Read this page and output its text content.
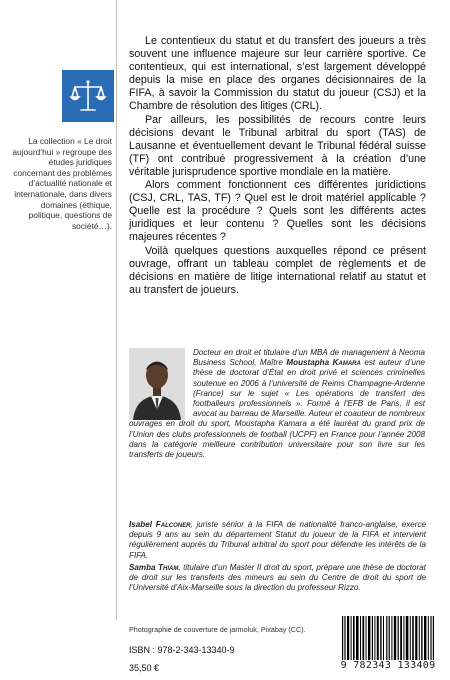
La collection « Le droit aujourd’hui » regroupe des études juridiques concernant des problèmes d’actualité nationale et internationale, dans divers domaines (éthique, politique, questions de société…).

Le contentieux du statut et du transfert des joueurs a très souvent une influence majeure sur leur carrière sportive. Ce contentieux, qui est international, s’est largement développé depuis la mise en place des organes décisionnaires de la FIFA, à savoir la Commission du statut du joueur (CSJ) et la Chambre de résolution des litiges (CRL).

Par ailleurs, les possibilités de recours contre leurs décisions devant le Tribunal arbitral du sport (TAS) de Lausanne et éventuellement devant le Tribunal fédéral suisse (TF) ont contribué progressivement à la création d’une véritable jurisprudence sportive mondiale en la matière.

Alors comment fonctionnent ces différentes juridictions (CSJ, CRL, TAS, TF) ? Quel est le droit matériel applicable ? Quelle est la procédure ? Quels sont les différents actes juridiques et leur contenu ? Quelles sont les décisions majeures récentes ?

Voilà quelques questions auxquelles répond ce présent ouvrage, offrant un tableau complet de règlements et de décisions en matière de litige international relatif au statut et au transfert de joueurs.

Docteur en droit et titulaire d’un MBA de management à Neoma Business School, Maître Moustapha Kamara est auteur d’une thèse de doctorat d’État en droit privé et sciences criminelles soutenue en 2006 à l’université de Reims Champagne-Ardenne (France) sur le sujet « Les opérations de transfert des footballeurs professionnels ». Formé à l’EFB de Paris, il est avocat au barreau de Marseille. Auteur et coauteur de nombreux ouvrages en droit du sport, Moustapha Kamara a été lauréat du grand prix de l’Union des clubs professionnels de football (UCPF) en France pour l’année 2008 dans la catégorie meilleure contribution universitaire pour son livre sur les transferts de joueurs.

Isabel Falconer, juriste sénior à la FIFA de nationalité franco-anglaise, exerce depuis 9 ans au sein du département Statut du joueur de la FIFA et intervient régulièrement auprès du Tribunal arbitral du sport pour défendre les intérêts de la FIFA.

Samba Thiam, titulaire d’un Master II droit du sport, prépare une thèse de doctorat de droit sur les transferts des mineurs au sein du Centre de droit du sport de l’Université d’Aix-Marseille sous la direction du professeur Rizzo.

Photographie de couverture de jarmoluk, Pixabay (CC).
ISBN : 978-2-343-13340-9
35,50 €	9 782343 133409
